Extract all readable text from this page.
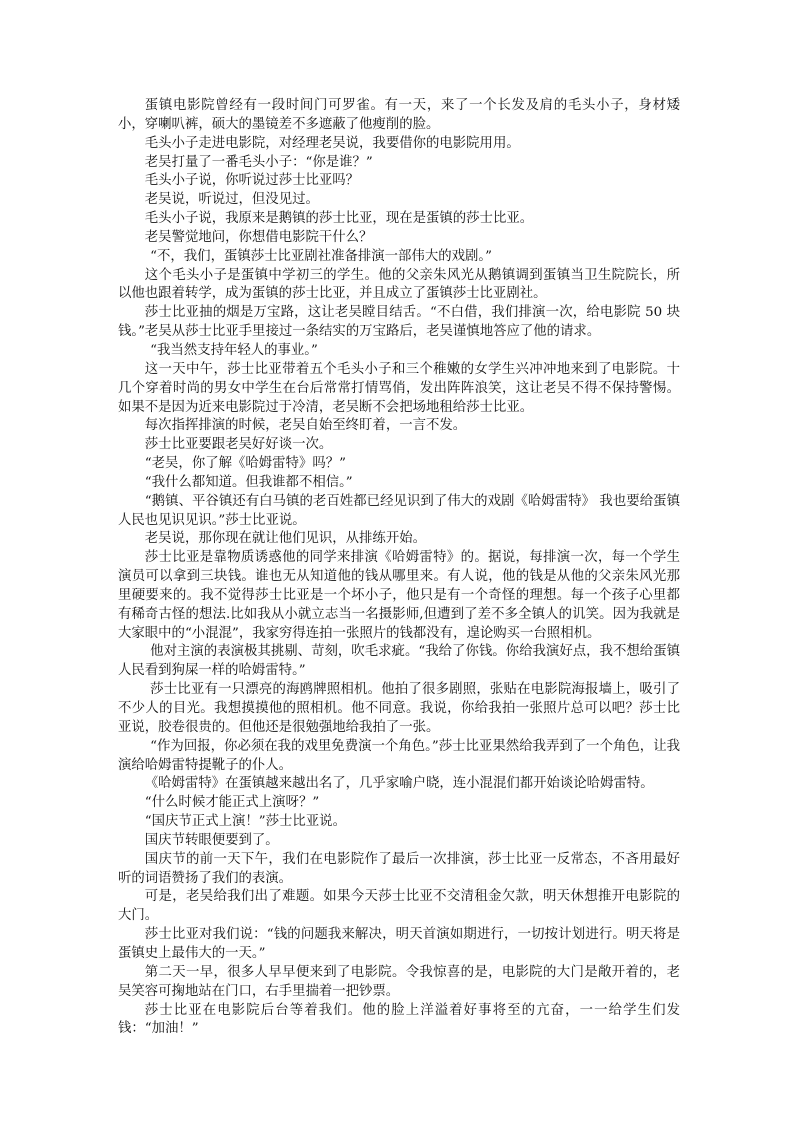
蛋镇电影院曾经有一段时间门可罗雀。有一天，来了一个长发及肩的毛头小子，身材矮小，穿喇叭裤，硕大的墨镜差不多遮蔽了他瘦削的脸。

毛头小子走进电影院，对经理老吴说，我要借你的电影院用用。

老吴打量了一番毛头小子：“你是谁？”

毛头小子说，你听说过莎士比亚吗？

老吴说，听说过，但没见过。

毛头小子说，我原来是鹅镇的莎士比亚，现在是蛋镇的莎士比亚。

老吴警觉地问，你想借电影院干什么？

“不，我们，蛋镇莎士比亚剧社准备排演一部伟大的戏剧。”

这个毛头小子是蛋镇中学初三的学生。他的父亲朱风光从鹅镇调到蛋镇当卫生院院长，所以他也跟着转学，成为蛋镇的莎士比亚，并且成立了蛋镇莎士比亚剧社。

莎士比亚抽的烟是万宝路，这让老吴瞠目结舌。“不白借，我们排演一次，给电影院 50 块钱。”老吴从莎士比亚手里接过一条结实的万宝路后，老吴谨慎地答应了他的请求。

“我当然支持年轻人的事业。”

这一天中午，莎士比亚带着五个毛头小子和三个稚嫩的女学生兴冲冲地来到了电影院。十几个穿着时尚的男女中学生在台后常常打情骂俏，发出阵阵浪笑，这让老吴不得不保持警惕。如果不是因为近来电影院过于冷清，老吴断不会把场地租给莎士比亚。

每次指挥排演的时候，老吴自始至终盯着，一言不发。

莎士比亚要跟老吴好好谈一次。

“老吴，你了解《哈姆雷特》吗？”

“我什么都知道。但我谁都不相信。”

“鹅镇、平谷镇还有白马镇的老百姓都已经见识到了伟大的戏剧《哈姆雷特》 我也要给蛋镇人民也见识见识。”莎士比亚说。

老吴说，那你现在就让他们见识，从排练开始。

莎士比亚是靠物质诱惑他的同学来排演《哈姆雷特》的。据说，每排演一次，每一个学生演员可以拿到三块钱。谁也无从知道他的钱从哪里来。有人说，他的钱是从他的父亲朱风光那里硬要来的。我不觉得莎士比亚是一个坏小子，他只是有一个奇怪的理想。每一个孩子心里都有稀奇古怪的想法.比如我从小就立志当一名摄影师,但遭到了差不多全镇人的讥笑。因为我就是大家眼中的“小混混”，我家穷得连拍一张照片的钱都没有，遑论购买一台照相机。

他对主演的表演极其挑剔、苛刻，吹毛求疵。“我给了你钱。你给我演好点，我不想给蛋镇人民看到狗屎一样的哈姆雷特。”

莎士比亚有一只漂亮的海鸥牌照相机。他拍了很多剧照，张贴在电影院海报墙上，吸引了不少人的目光。我想摸摸他的照相机。他不同意。我说，你给我拍一张照片总可以吧？莎士比亚说，胶卷很贵的。但他还是很勉强地给我拍了一张。

“作为回报，你必须在我的戏里免费演一个角色。”莎士比亚果然给我弄到了一个角色，让我演给哈姆雷特提靴子的仆人。

《哈姆雷特》在蛋镇越来越出名了，几乎家喻户晓，连小混混们都开始谈论哈姆雷特。

“什么时候才能正式上演呀？”

“国庆节正式上演！”莎士比亚说。

国庆节转眼便要到了。

国庆节的前一天下午，我们在电影院作了最后一次排演，莎士比亚一反常态，不吝用最好听的词语赞扬了我们的表演。

可是，老吴给我们出了难题。如果今天莎士比亚不交清租金欠款，明天休想推开电影院的大门。

莎士比亚对我们说：“钱的问题我来解决，明天首演如期进行，一切按计划进行。明天将是蛋镇史上最伟大的一天。”

第二天一早，很多人早早便来到了电影院。令我惊喜的是，电影院的大门是敞开着的，老吴笑容可掬地站在门口，右手里揣着一把钞票。

莎士比亚在电影院后台等着我们。他的脸上洋溢着好事将至的亢奋，一一给学生们发钱：“加油！”
